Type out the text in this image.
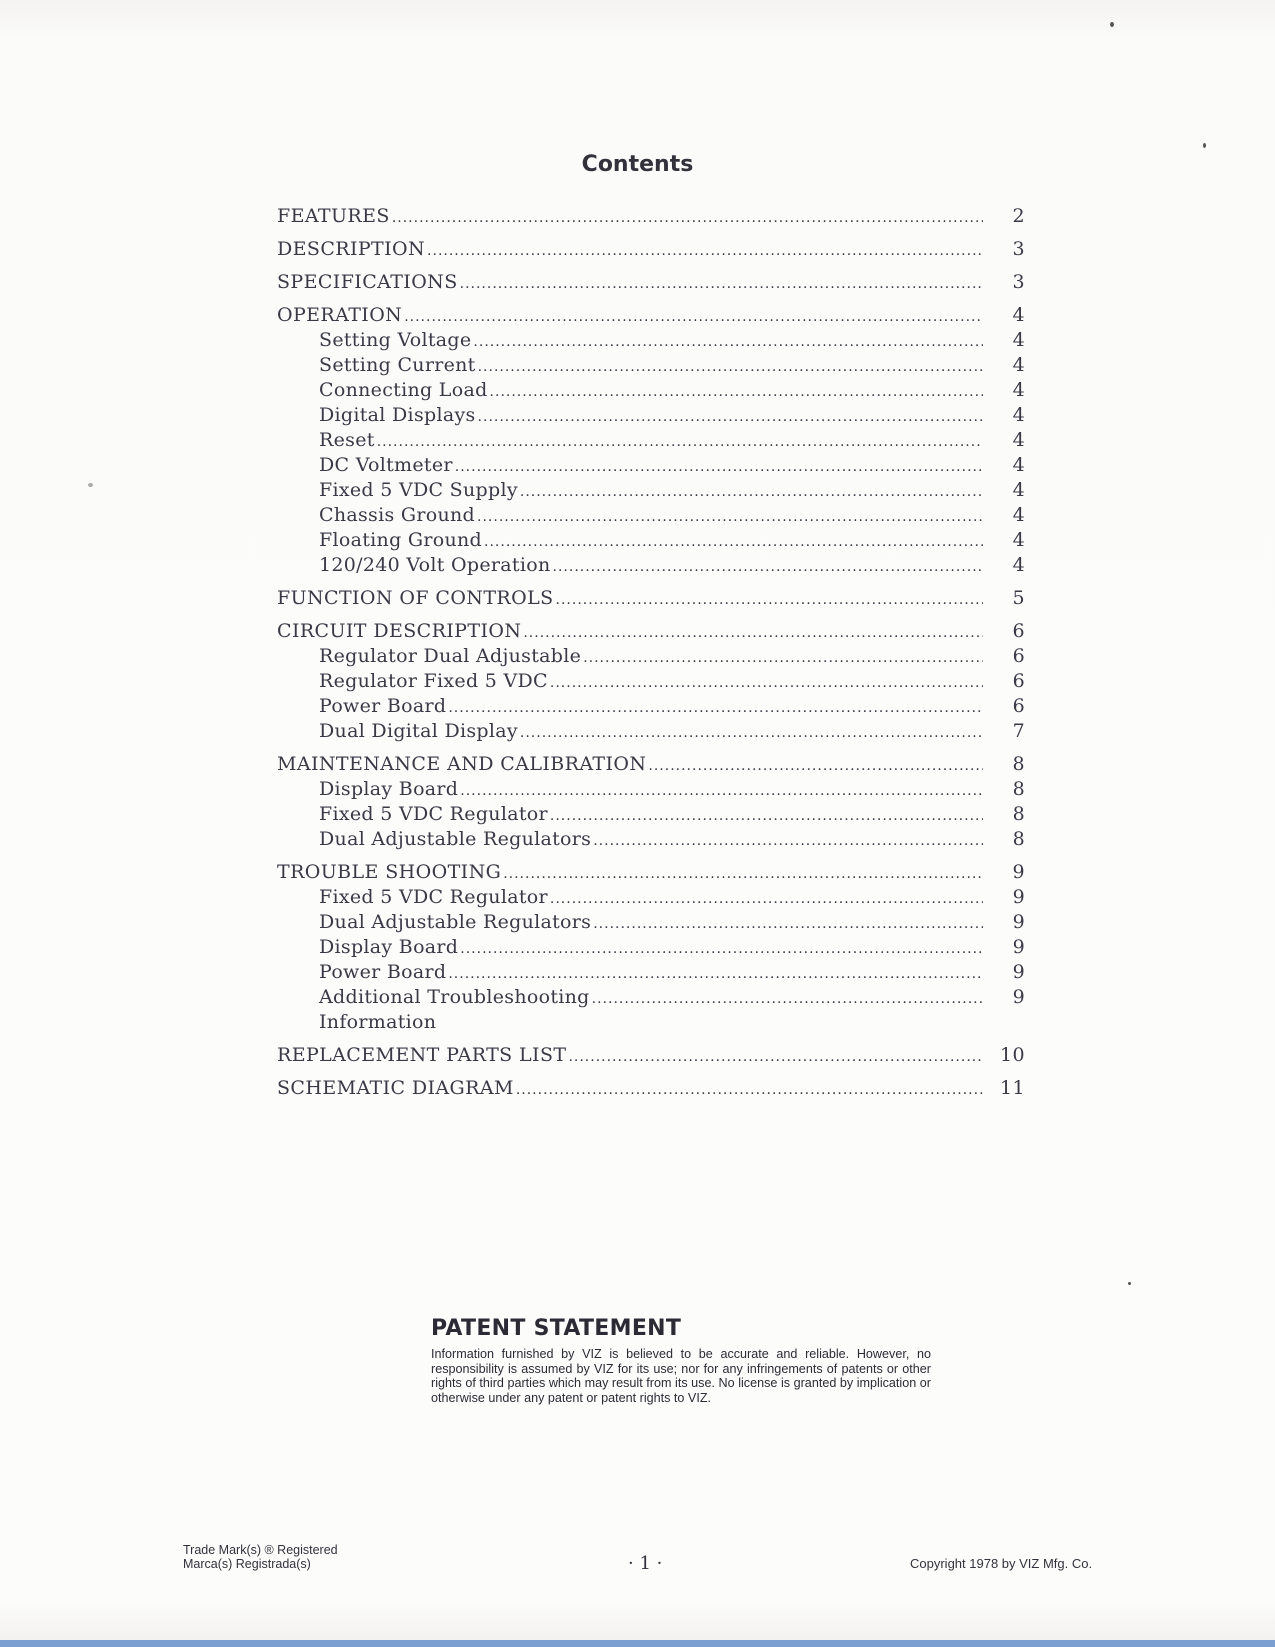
Contents
FEATURES .....	2
DESCRIPTION .....	3
SPECIFICATIONS .....	3
OPERATION .....	4
Setting Voltage .....	4
Setting Current .....	4
Connecting Load .....	4
Digital Displays .....	4
Reset .....	4
DC Voltmeter .....	4
Fixed 5 VDC Supply .....	4
Chassis Ground .....	4
Floating Ground .....	4
120/240 Volt Operation .....	4
FUNCTION OF CONTROLS .....	5
CIRCUIT DESCRIPTION .....	6
Regulator Dual Adjustable .....	6
Regulator Fixed 5 VDC .....	6
Power Board .....	6
Dual Digital Display .....	7
MAINTENANCE AND CALIBRATION .....	8
Display Board .....	8
Fixed 5 VDC Regulator .....	8
Dual Adjustable Regulators .....	8
TROUBLE SHOOTING .....	9
Fixed 5 VDC Regulator .....	9
Dual Adjustable Regulators .....	9
Display Board .....	9
Power Board .....	9
Additional Troubleshooting .....	9
Information
REPLACEMENT PARTS LIST .....	10
SCHEMATIC DIAGRAM .....	11
PATENT STATEMENT
Information furnished by VIZ is believed to be accurate and reliable. However, no responsibility is assumed by VIZ for its use; nor for any infringements of patents or other rights of third parties which may result from its use. No license is granted by implication or otherwise under any patent or patent rights to VIZ.
Trade Mark(s) ® Registered
Marca(s) Registrada(s)	· 1 ·	Copyright 1978 by VIZ Mfg. Co.
